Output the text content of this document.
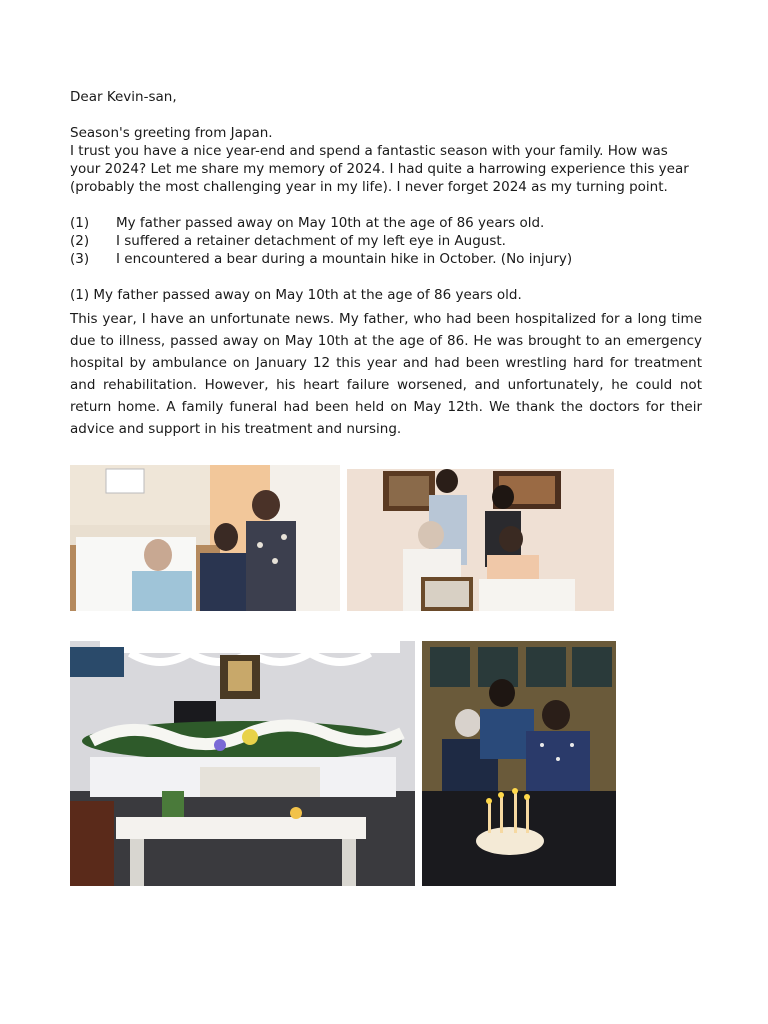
Dear Kevin-san,

Season's greeting from Japan.

I trust you have a nice year-end and spend a fantastic season with your family. How was your 2024? Let me share my memory of 2024. I had quite a harrowing experience this year (probably the most challenging year in my life). I never forget 2024 as my turning point.

(1)	My father passed away on May 10th at the age of 86 years old.
(2)	I suffered a retainer detachment of my left eye in August.
(3)	I encountered a bear during a mountain hike in October. (No injury)
(1) My father passed away on May 10th at the age of 86 years old.

This year, I have an unfortunate news. My father, who had been hospitalized for a long time due to illness, passed away on May 10th at the age of 86. He was brought to an emergency hospital by ambulance on January 12 this year and had been wrestling hard for treatment and rehabilitation. However, his heart failure worsened, and unfortunately, he could not return home. A family funeral had been held on May 12th. We thank the doctors for their advice and support in his treatment and nursing.
